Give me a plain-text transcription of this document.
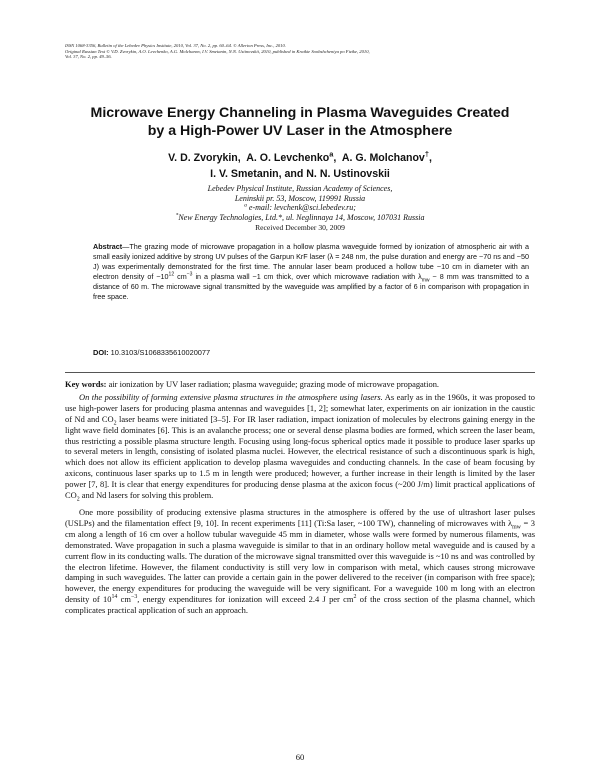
ISSN 1068-3356, Bulletin of the Lebedev Physics Institute, 2010, Vol. 37, No. 2, pp. 60–64. © Allerton Press, Inc., 2010.
Original Russian Text © V.D. Zvorykin, A.O. Levchenko, A.G. Molchanov, I.V. Smetanin, N.N. Ustinovskii, 2010, published in Kratkie Soobshcheniya po Fizike, 2010,
Vol. 37, No. 2, pp. 49–56.
Microwave Energy Channeling in Plasma Waveguides Created
by a High-Power UV Laser in the Atmosphere
V. D. Zvorykin, A. O. Levchenko$^a$, A. G. Molchanov†,
I. V. Smetanin, and N. N. Ustinovskii
Lebedev Physical Institute, Russian Academy of Sciences,
Leninskii pr. 53, Moscow, 119991 Russia
$^a$ e-mail: levchenk@sci.lebedev.ru;
*New Energy Technologies, Ltd.*, ul. Neglinnaya 14, Moscow, 107031 Russia
Received December 30, 2009
Abstract—The grazing mode of microwave propagation in a hollow plasma waveguide formed by ionization of atmospheric air with a small easily ionized additive by strong UV pulses of the Garpun KrF laser (λ = 248 nm, the pulse duration and energy are ~70 ns and ~50 J) was experimentally demonstrated for the first time. The annular laser beam produced a hollow tube ~10 cm in diameter with an electron density of $\sim 10^{12}$ $cm^{-3}$ in a plasma wall ~1 cm thick, over which microwave radiation with $\lambda_{mw}$ ~ 8 mm was transmitted to a distance of 60 m. The microwave signal transmitted by the waveguide was amplified by a factor of 6 in comparison with propagation in free space.
DOI: 10.3103/S1068335610020077

Key words: air ionization by UV laser radiation; plasma waveguide; grazing mode of microwave propagation.

On the possibility of forming extensive plasma structures in the atmosphere using lasers. As early as in the 1960s, it was proposed to use high-power lasers for producing plasma antennas and waveguides [1, 2]; somewhat later, experiments on air ionization in the caustic of Nd and $CO_2$ laser beams were initiated [3–5]. For IR laser radiation, impact ionization of molecules by electrons gaining energy in the light wave field dominates [6]. This is an avalanche process; one or several dense plasma bodies are formed, which screen the laser beam, thus restricting a possible plasma structure length. Focusing using long-focus spherical optics made it possible to produce laser sparks up to several meters in length, consisting of isolated plasma nuclei. However, the electrical resistance of such a discontinuous spark is high, which does not allow its efficient application to develop plasma waveguides and conducting channels. In the case of beam focusing by axicons, continuous laser sparks up to 1.5 m in length were produced; however, a further increase in their length is limited by the laser power [7, 8]. It is clear that energy expenditures for producing dense plasma at the axicon focus (~200 J/m) limit practical applications of $CO_2$ and Nd lasers for solving this problem.

One more possibility of producing extensive plasma structures in the atmosphere is offered by the use of ultrashort laser pulses (USLPs) and the filamentation effect [9, 10]. In recent experiments [11] (Ti:Sa laser, ~100 TW), channeling of microwaves with $\lambda_{mw} = 3$ cm along a length of 16 cm over a hollow tubular waveguide 45 mm in diameter, whose walls were formed by numerous filaments, was demonstrated. Wave propagation in such a plasma waveguide is similar to that in an ordinary hollow metal waveguide and is caused by a current flow in its conducting walls. The duration of the microwave signal transmitted over this waveguide is ~10 ns and was controlled by the electron lifetime. However, the filament conductivity is still very low in comparison with metal, which causes strong microwave damping in such waveguides. The latter can provide a certain gain in the power delivered to the receiver (in comparison with free space); however, the energy expenditures for producing the waveguide will be very significant. For a waveguide 100 m long with an electron density of $10^{14}$ $cm^{-3}$, energy expenditures for ionization will exceed 2.4 J per $cm^2$ of the cross section of the plasma channel, which complicates practical application of such an approach.

60
